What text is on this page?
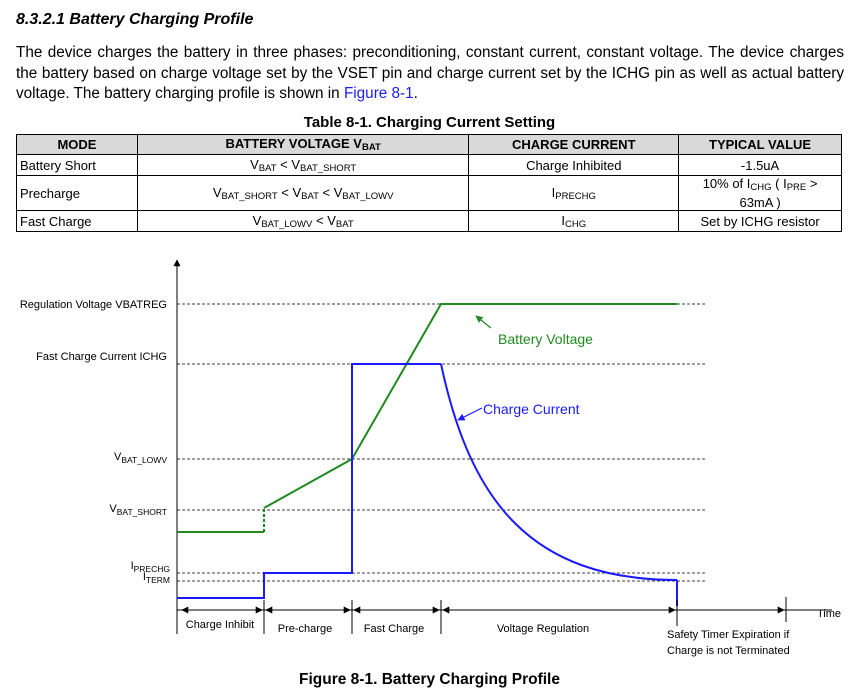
8.3.2.1 Battery Charging Profile
The device charges the battery in three phases: preconditioning, constant current, constant voltage. The device charges the battery based on charge voltage set by the VSET pin and charge current set by the ICHG pin as well as actual battery voltage. The battery charging profile is shown in Figure 8-1.
Table 8-1. Charging Current Setting
MODE	BATTERY VOLTAGE $V_{BAT}$	CHARGE CURRENT	TYPICAL VALUE
Battery Short	$V_{BAT} < V_{BAT\_SHORT}$	Charge Inhibited	-1.5uA
Precharge	$V_{BAT\_SHORT} < V_{BAT} < V_{BAT\_LOWV}$	$I_{PRECHG}$	10% of $I_{CHG}$ ( $I_{PRE}$ >
63mA )
Fast Charge	$V_{BAT\_LOWV} < V_{BAT}$	$I_{CHG}$	Set by ICHG resistor
Regulation Voltage VBATREG
Fast Charge Current ICHG
$V_{BAT\_LOWV}$
$V_{BAT\_SHORT}$
$I_{PRECHG}$
$I_{TERM}$
Battery Voltage
Charge Current
Charge Inhibit Pre-charge	Fast Charge	Voltage Regulation	Safety Timer Expiration if
Charge is not Terminated
Time
Figure 8-1. Battery Charging Profile
